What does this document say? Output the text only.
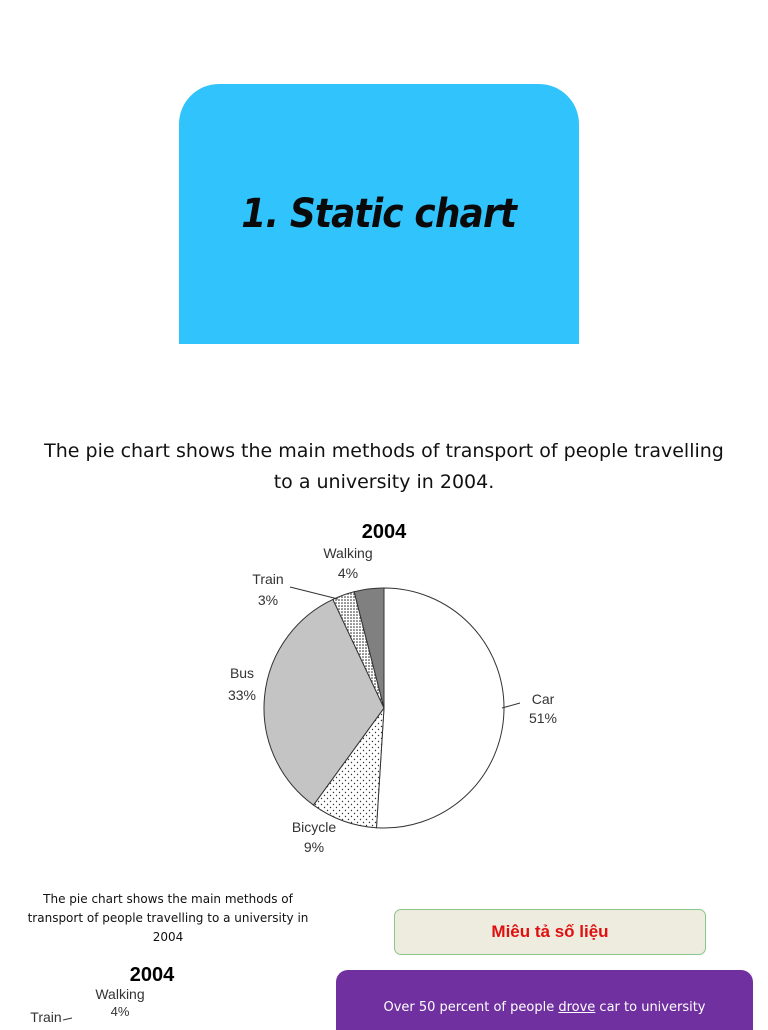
1. Static chart
The pie chart shows the main methods of transport of people travelling
to a university in 2004.
2004
Car
51%
Bicycle
9%
Bus
33%
Train
3%
Walking
4%
The pie chart shows the main methods of
transport of people travelling to a university in
2004
2004
Walking
4%
Train
Miêu tả số liệu
Over 50 percent of people drove car to university
